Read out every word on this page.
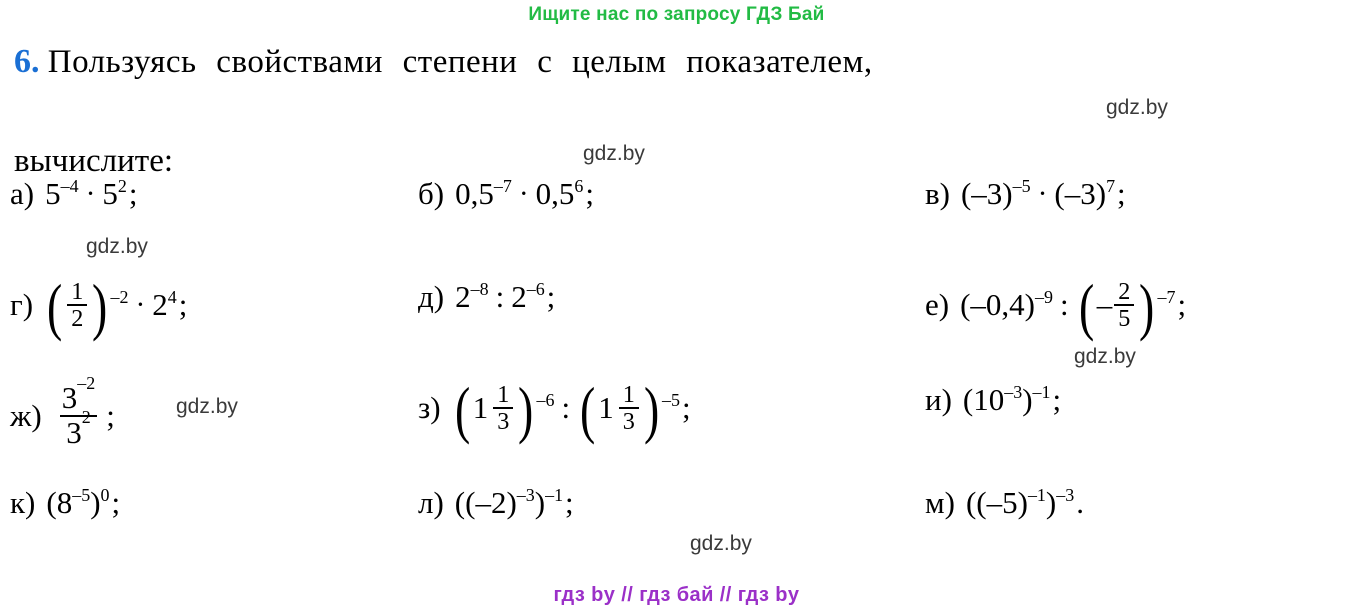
Ищите нас по запросу ГДЗ Бай
6. Пользуясь свойствами степени с целым показателем,
вычислите:
gdz.by
gdz.by
gdz.by
gdz.by
gdz.by
gdz.by
а) $5^{-4} \cdot 5^2$ ;	б) $0,5^{-7} \cdot 0,5^6$ ;	в) $(-3)^{-5} \cdot (-3)^7$ ;
г) ( $\frac{1}{2} )^{-2} \cdot 2^4$ ;	д) $2^{-8}$ : $2^{-6}$ ;	е) $(-0,4)^{-9}$ : ( – $\frac{2}{5} )^{-7}$ ;
$ж) \frac{3^{-2}}{3^2}$ ;	з) ( $1 \frac{1}{3} )^{-6}$ : ( $1 \frac{1}{3} )^{-5}$ ;	и) ( $10^{-3}$ )$^{-1}$ ;
к) ( $8^{-5}$ )$^0$ ;	л) ( $(-2)^{-3}$ )$^{-1}$ ;	м) ( $(-5)^{-1}$ )$^{-3}$ .
гдз by // гдз бай // гдз by
